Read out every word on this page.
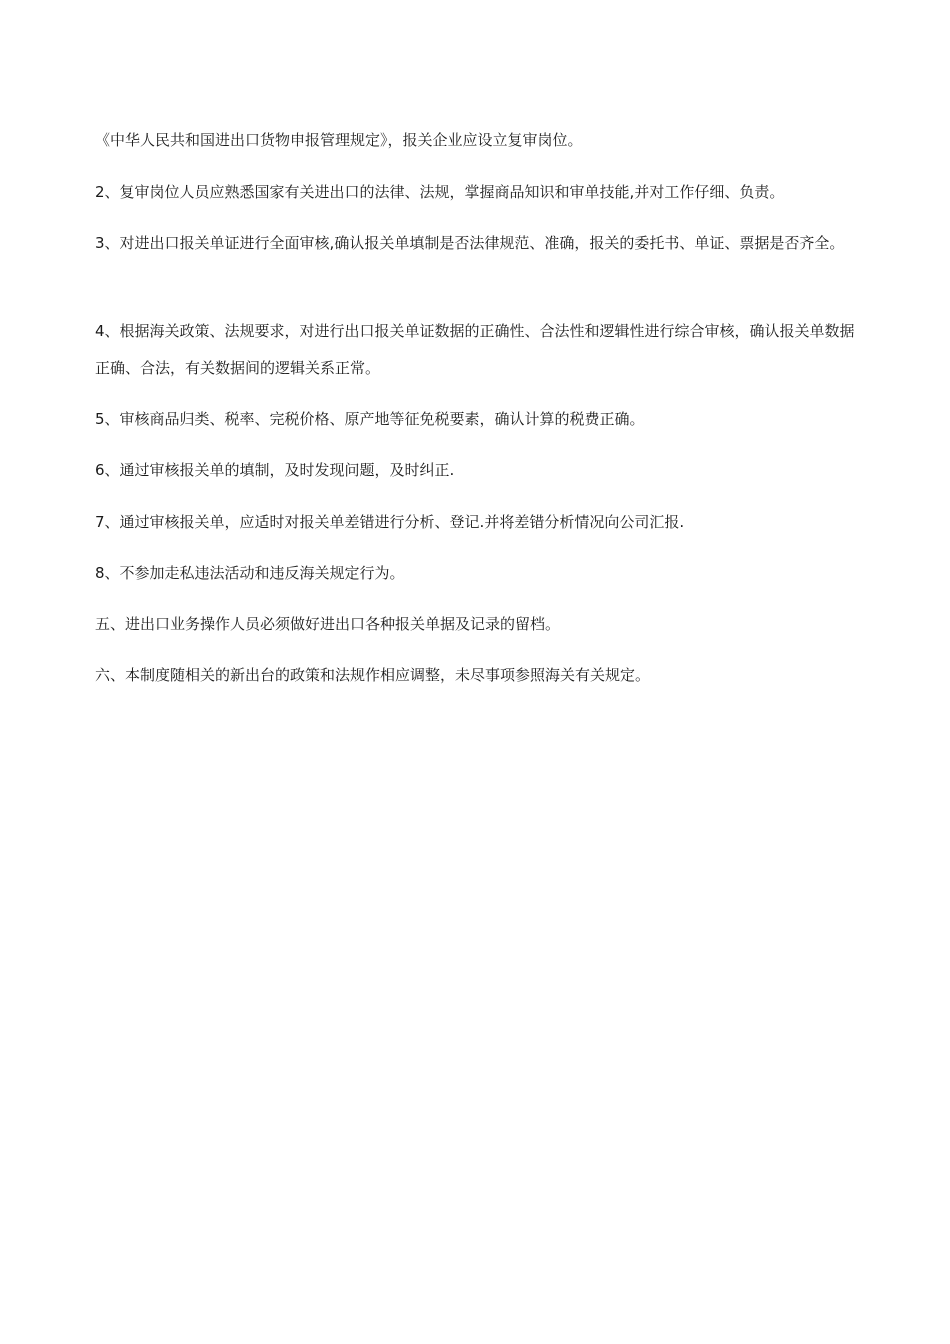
《中华人民共和国进出口货物申报管理规定》，报关企业应设立复审岗位。
2、复审岗位人员应熟悉国家有关进出口的法律、法规，掌握商品知识和审单技能,并对工作仔细、负责。
3、对进出口报关单证进行全面审核,确认报关单填制是否法律规范、准确，报关的委托书、单证、票据是否齐全。
4、根据海关政策、法规要求，对进行出口报关单证数据的正确性、合法性和逻辑性进行综合审核，确认报关单数据正确、合法，有关数据间的逻辑关系正常。
5、审核商品归类、税率、完税价格、原产地等征免税要素，确认计算的税费正确。
6、通过审核报关单的填制，及时发现问题，及时纠正.
7、通过审核报关单，应适时对报关单差错进行分析、登记.并将差错分析情况向公司汇报.
8、不参加走私违法活动和违反海关规定行为。
五、进出口业务操作人员必须做好进出口各种报关单据及记录的留档。
六、本制度随相关的新出台的政策和法规作相应调整，未尽事项参照海关有关规定。
